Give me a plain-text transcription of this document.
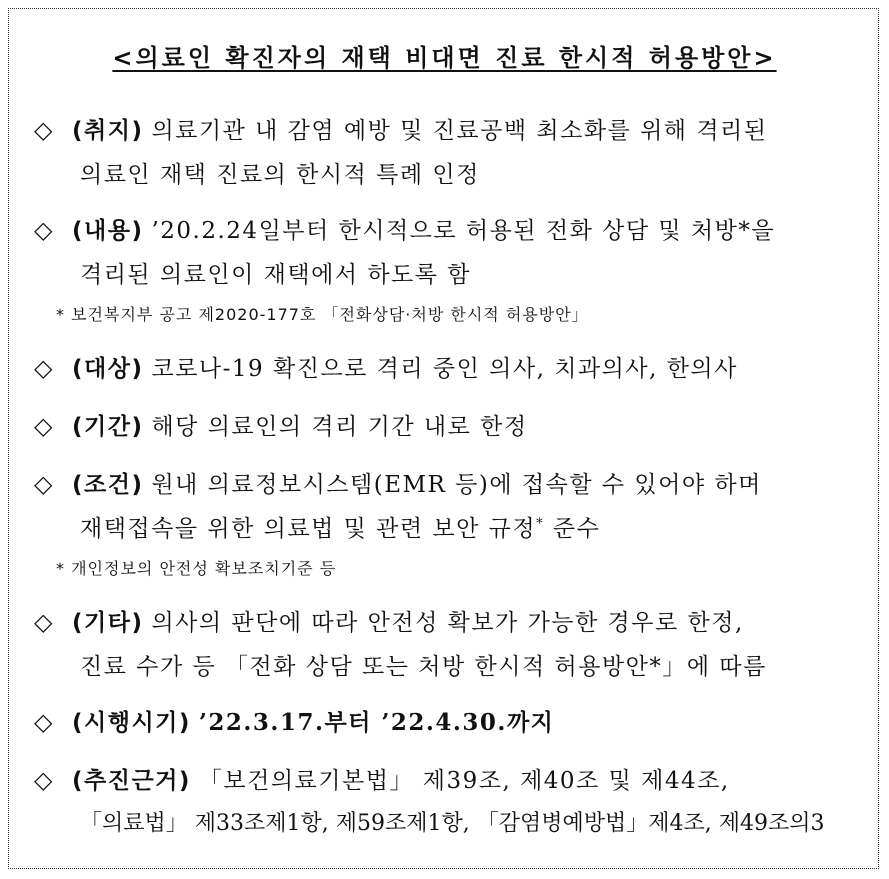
<의료인 확진자의 재택 비대면 진료 한시적 허용방안>
◇ (취지) 의료기관 내 감염 예방 및 진료공백 최소화를 위해 격리된
의료인 재택 진료의 한시적 특례 인정
◇ (내용) ’20.2.24일부터 한시적으로 허용된 전화 상담 및 처방*을
격리된 의료인이 재택에서 하도록 함
* 보건복지부 공고 제2020-177호 「전화상담·처방 한시적 허용방안」
◇ (대상) 코로나-19 확진으로 격리 중인 의사, 치과의사, 한의사
◇ (기간) 해당 의료인의 격리 기간 내로 한정
◇ (조건) 원내 의료정보시스템(EMR 등)에 접속할 수 있어야 하며
재택접속을 위한 의료법 및 관련 보안 규정* 준수
* 개인정보의 안전성 확보조치기준 등
◇ (기타) 의사의 판단에 따라 안전성 확보가 가능한 경우로 한정,
진료 수가 등 「전화 상담 또는 처방 한시적 허용방안*」에 따름
◇ (시행시기) ’22.3.17.부터 ’22.4.30.까지
◇ (추진근거) 「보건의료기본법」 제39조, 제40조 및 제44조,
「의료법」 제33조제1항, 제59조제1항, 「감염병예방법」제4조, 제49조의3
